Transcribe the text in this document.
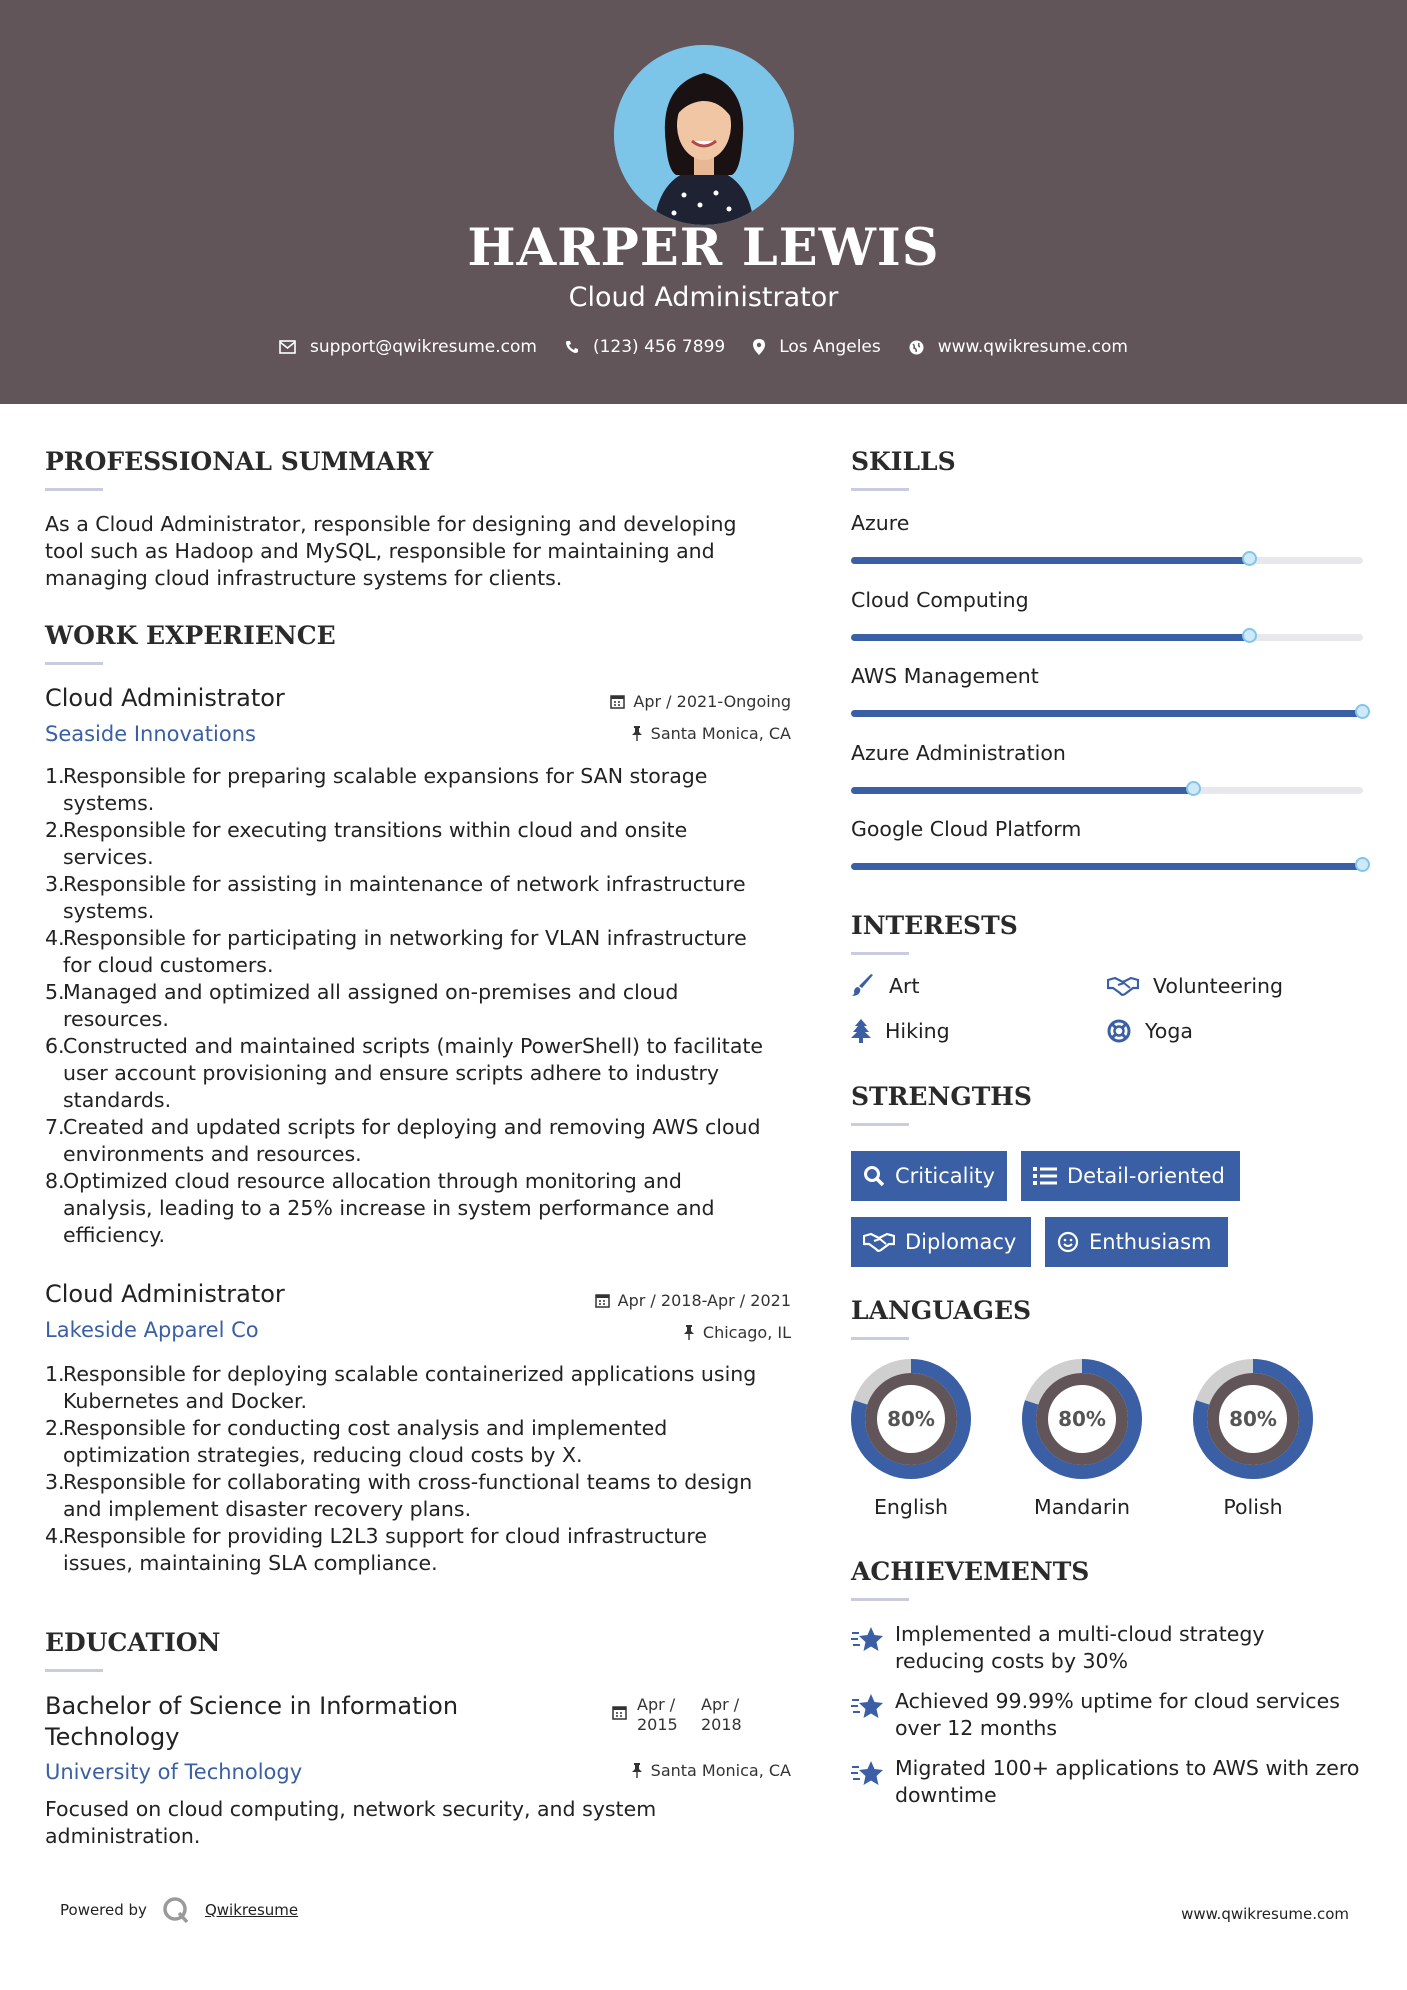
HARPER LEWIS
Cloud Administrator
support@qwikresume.com	(123) 456 7899	Los Angeles	www.qwikresume.com
PROFESSIONAL SUMMARY
As a Cloud Administrator, responsible for designing and developing
tool such as Hadoop and MySQL, responsible for maintaining and
managing cloud infrastructure systems for clients.
WORK EXPERIENCE
Cloud Administrator
Seaside Innovations
Apr / 2021-Ongoing
Santa Monica, CA
1.
Responsible for preparing scalable expansions for SAN storage
systems.
2.
Responsible for executing transitions within cloud and onsite
services.
3.
Responsible for assisting in maintenance of network infrastructure
systems.
4.
Responsible for participating in networking for VLAN infrastructure
for cloud customers.
5.
Managed and optimized all assigned on-premises and cloud
resources.
6.
Constructed and maintained scripts (mainly PowerShell) to facilitate
user account provisioning and ensure scripts adhere to industry
standards.
7.
Created and updated scripts for deploying and removing AWS cloud
environments and resources.
8.
Optimized cloud resource allocation through monitoring and
analysis, leading to a 25% increase in system performance and
efficiency.
Cloud Administrator
Lakeside Apparel Co
Apr / 2018-Apr / 2021
Chicago, IL
1.
Responsible for deploying scalable containerized applications using
Kubernetes and Docker.
2.
Responsible for conducting cost analysis and implemented
optimization strategies, reducing cloud costs by X.
3.
Responsible for collaborating with cross-functional teams to design
and implement disaster recovery plans.
4.
Responsible for providing L2L3 support for cloud infrastructure
issues, maintaining SLA compliance.
EDUCATION
Bachelor of Science in Information
Technology
University of Technology
Apr /
2015
Apr /
2018
Santa Monica, CA
Focused on cloud computing, network security, and system
administration.
SKILLS
Azure
Cloud Computing
AWS Management
Azure Administration
Google Cloud Platform
INTERESTS
Art	Volunteering
Hiking	Yoga
STRENGTHS
Criticality	Detail-oriented
Diplomacy	Enthusiasm
LANGUAGES
80%
English
80%
Mandarin
80%
Polish
ACHIEVEMENTS
Implemented a multi-cloud strategy
reducing costs by 30%
Achieved 99.99% uptime for cloud services
over 12 months
Migrated 100+ applications to AWS with zero
downtime
Powered by	Qwikresume	www.qwikresume.com
